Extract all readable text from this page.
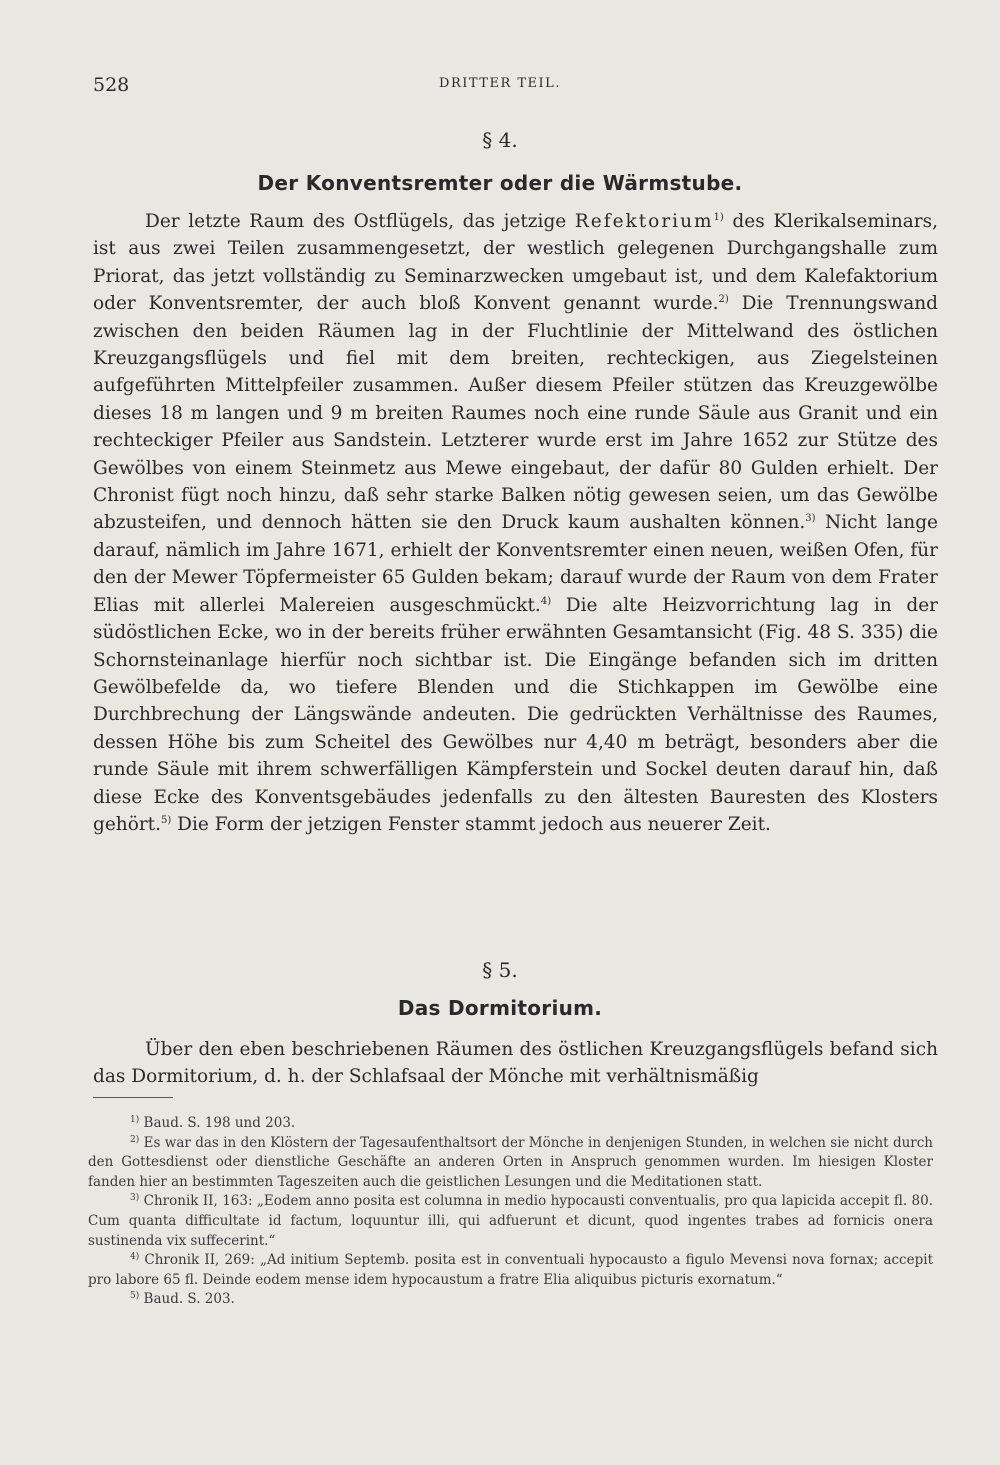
528	DRITTER TEIL.
§ 4.
Der Konventsremter oder die Wärmstube.

Der letzte Raum des Ostflügels, das jetzige Refektorium$^{1)}$ des Klerikalseminars, ist aus zwei Teilen zusammengesetzt, der westlich gelegenen Durchgangshalle zum Priorat, das jetzt vollständig zu Seminarzwecken umgebaut ist, und dem Kalefaktorium oder Konventsremter, der auch bloß Konvent genannt wurde.$^{2)}$ Die Trennungswand zwischen den beiden Räumen lag in der Fluchtlinie der Mittelwand des östlichen Kreuzgangsflügels und fiel mit dem breiten, rechteckigen, aus Ziegelsteinen aufgeführten Mittelpfeiler zusammen. Außer diesem Pfeiler stützen das Kreuzgewölbe dieses 18 m langen und 9 m breiten Raumes noch eine runde Säule aus Granit und ein rechteckiger Pfeiler aus Sandstein. Letzterer wurde erst im Jahre 1652 zur Stütze des Gewölbes von einem Steinmetz aus Mewe eingebaut, der dafür 80 Gulden erhielt. Der Chronist fügt noch hinzu, daß sehr starke Balken nötig gewesen seien, um das Gewölbe abzusteifen, und dennoch hätten sie den Druck kaum aushalten können.$^{3)}$ Nicht lange darauf, nämlich im Jahre 1671, erhielt der Konventsremter einen neuen, weißen Ofen, für den der Mewer Töpfermeister 65 Gulden bekam; darauf wurde der Raum von dem Frater Elias mit allerlei Malereien ausgeschmückt.$^{4)}$ Die alte Heizvorrichtung lag in der südöstlichen Ecke, wo in der bereits früher erwähnten Gesamtansicht (Fig. 48 S. 335) die Schornsteinanlage hierfür noch sichtbar ist. Die Eingänge befanden sich im dritten Gewölbefelde da, wo tiefere Blenden und die Stichkappen im Gewölbe eine Durchbrechung der Längswände andeuten. Die gedrückten Verhältnisse des Raumes, dessen Höhe bis zum Scheitel des Gewölbes nur 4,40 m beträgt, besonders aber die runde Säule mit ihrem schwerfälligen Kämpferstein und Sockel deuten darauf hin, daß diese Ecke des Konventsgebäudes jedenfalls zu den ältesten Bauresten des Klosters gehört.$^{5)}$ Die Form der jetzigen Fenster stammt jedoch aus neuerer Zeit.

§ 5.
Das Dormitorium.

Über den eben beschriebenen Räumen des östlichen Kreuzgangsflügels befand sich das Dormitorium, d. h. der Schlafsaal der Mönche mit verhältnismäßig

$^{1)}$ Baud. S. 198 und 203.

$^{2)}$ Es war das in den Klöstern der Tagesaufenthaltsort der Mönche in denjenigen Stunden, in welchen sie nicht durch den Gottesdienst oder dienstliche Geschäfte an anderen Orten in Anspruch genommen wurden. Im hiesigen Kloster fanden hier an bestimmten Tageszeiten auch die geistlichen Lesungen und die Meditationen statt.

$^{3)}$ Chronik II, 163: „Eodem anno posita est columna in medio hypocausti conventualis, pro qua lapicida accepit fl. 80. Cum quanta difficultate id factum, loquuntur illi, qui adfuerunt et dicunt, quod ingentes trabes ad fornicis onera sustinenda vix suffecerint.“

$^{4)}$ Chronik II, 269: „Ad initium Septemb. posita est in conventuali hypocausto a figulo Mevensi nova fornax; accepit pro labore 65 fl. Deinde eodem mense idem hypocaustum a fratre Elia aliquibus picturis exornatum.“

$^{5)}$ Baud. S. 203.
